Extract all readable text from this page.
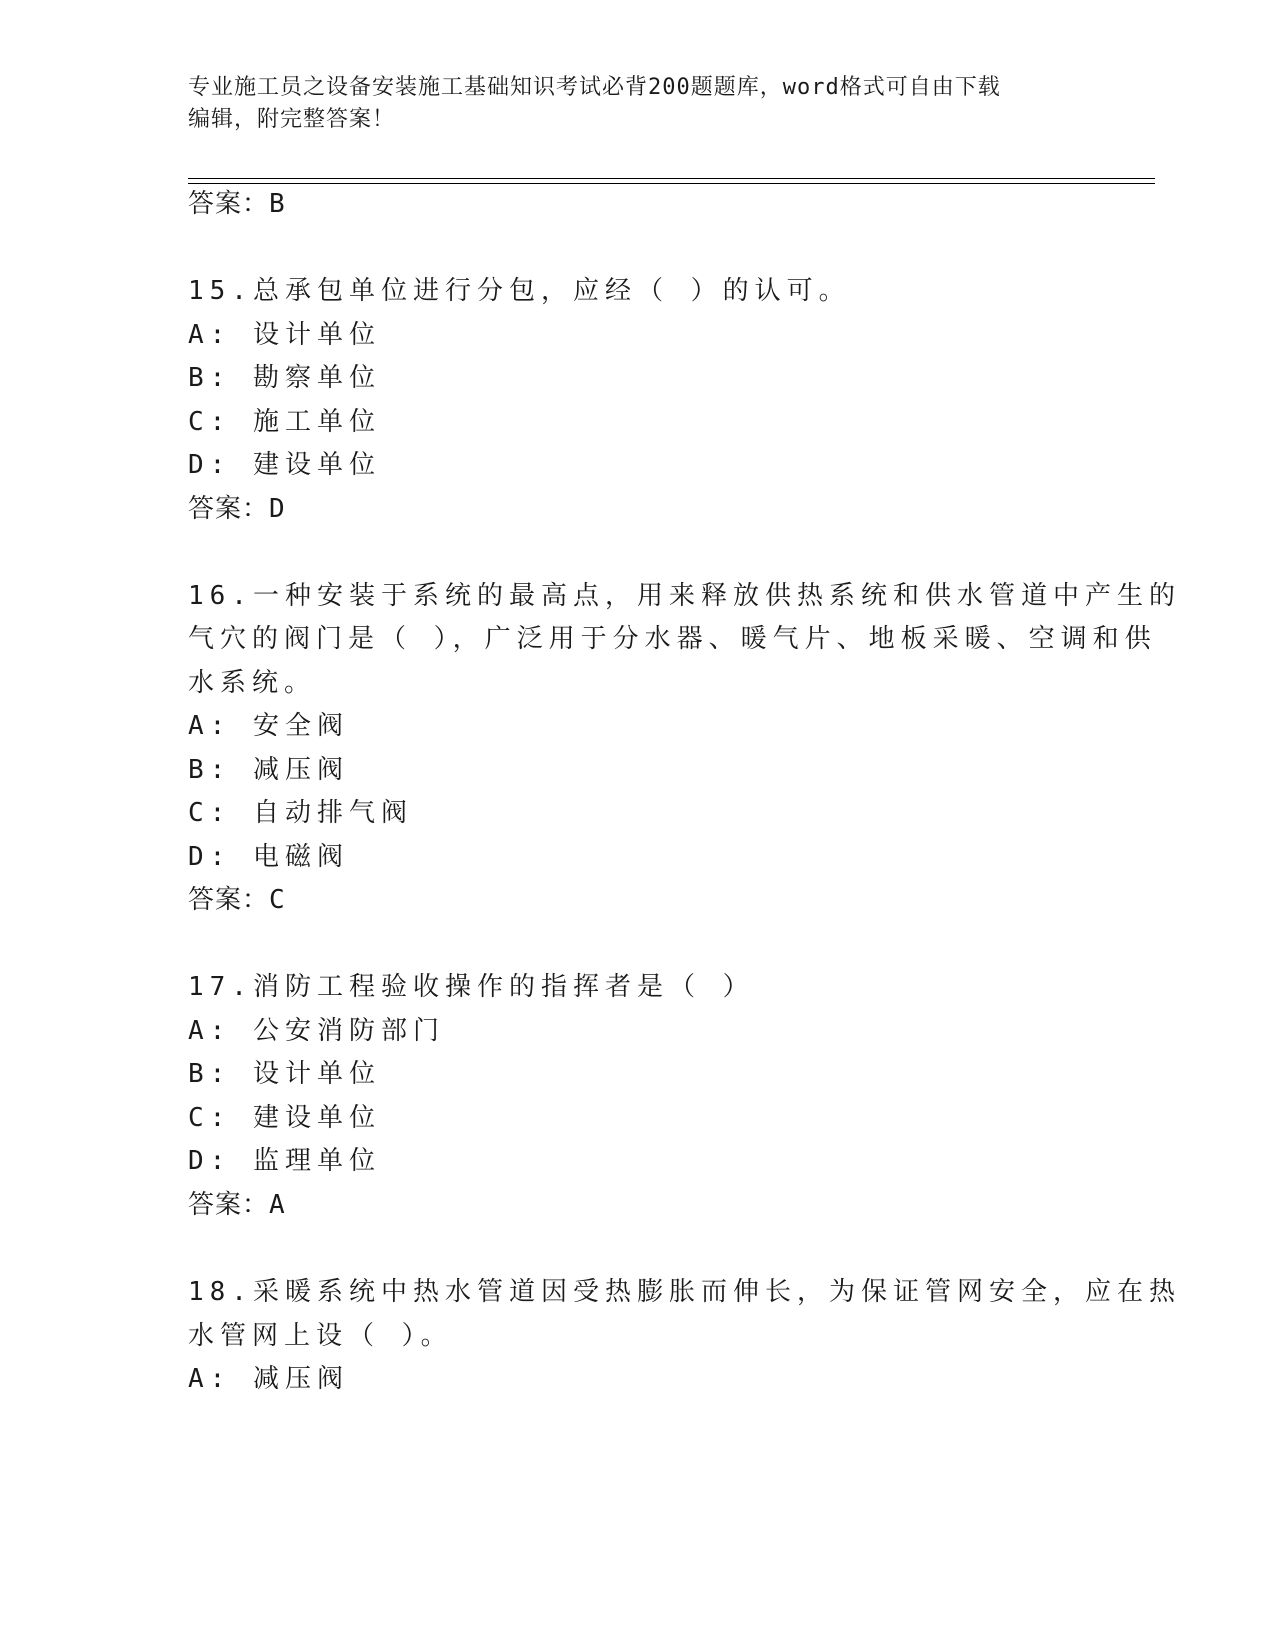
专业施工员之设备安装施工基础知识考试必背200题题库，word格式可自由下载
编辑，附完整答案！
答案：B
15.总承包单位进行分包，应经（ ）的认可。
A: 设计单位
B: 勘察单位
C: 施工单位
D: 建设单位
答案：D
16.一种安装于系统的最高点，用来释放供热系统和供水管道中产生的
气穴的阀门是（ ），广泛用于分水器、暖气片、地板采暖、空调和供
水系统。
A: 安全阀
B: 减压阀
C: 自动排气阀
D: 电磁阀
答案：C
17.消防工程验收操作的指挥者是（ ）
A: 公安消防部门
B: 设计单位
C: 建设单位
D: 监理单位
答案：A
18.采暖系统中热水管道因受热膨胀而伸长，为保证管网安全，应在热
水管网上设（ ）。
A: 减压阀
